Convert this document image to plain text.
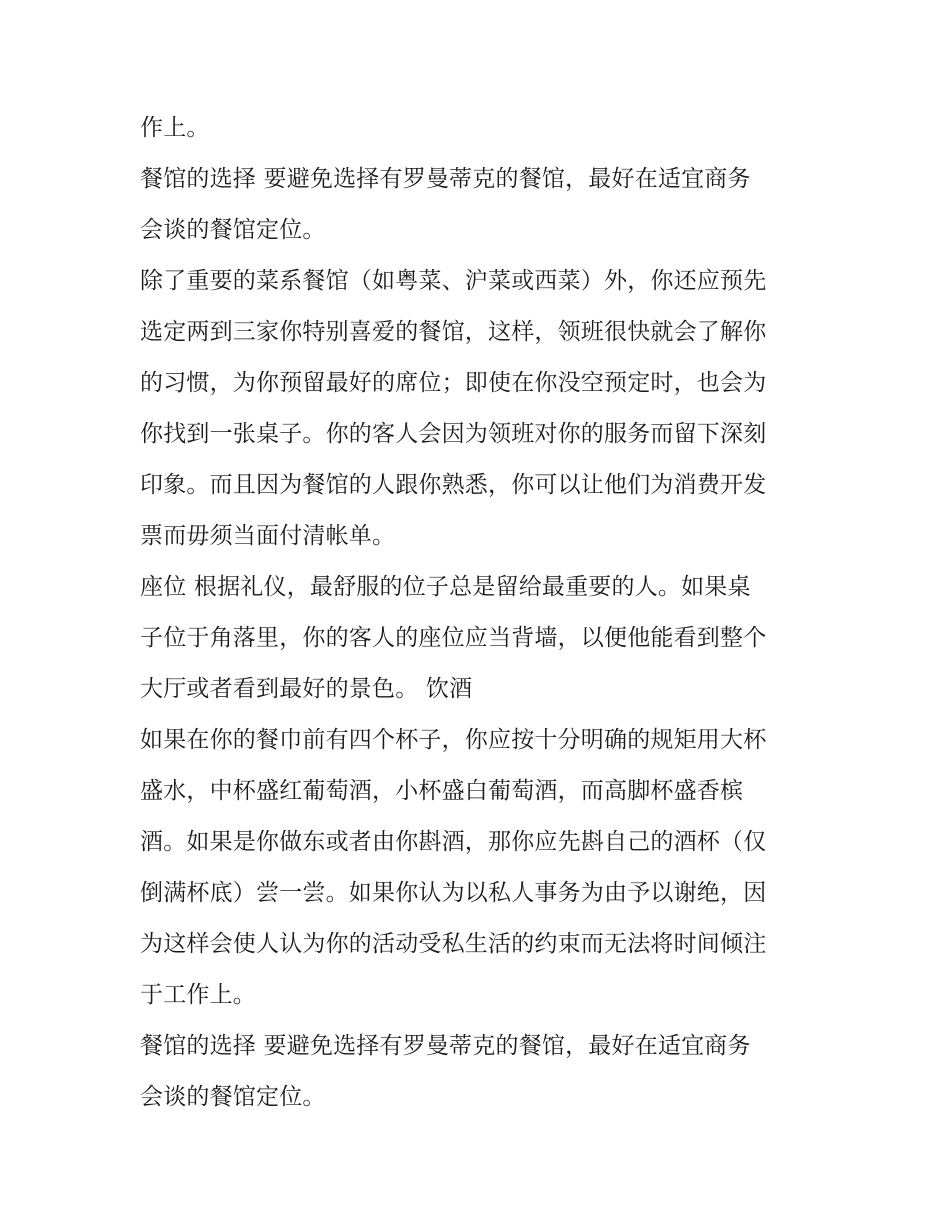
作上。
餐馆的选择 要避免选择有罗曼蒂克的餐馆，最好在适宜商务
会谈的餐馆定位。
除了重要的菜系餐馆（如粤菜、沪菜或西菜）外，你还应预先
选定两到三家你特别喜爱的餐馆，这样，领班很快就会了解你
的习惯，为你预留最好的席位；即使在你没空预定时，也会为
你找到一张桌子。你的客人会因为领班对你的服务而留下深刻
印象。而且因为餐馆的人跟你熟悉，你可以让他们为消费开发
票而毋须当面付清帐单。
座位 根据礼仪，最舒服的位子总是留给最重要的人。如果桌
子位于角落里，你的客人的座位应当背墙，以便他能看到整个
大厅或者看到最好的景色。 饮酒
如果在你的餐巾前有四个杯子，你应按十分明确的规矩用大杯
盛水，中杯盛红葡萄酒，小杯盛白葡萄酒，而高脚杯盛香槟
酒。如果是你做东或者由你斟酒，那你应先斟自己的酒杯（仅
倒满杯底）尝一尝。如果你认为以私人事务为由予以谢绝，因
为这样会使人认为你的活动受私生活的约束而无法将时间倾注
于工作上。
餐馆的选择 要避免选择有罗曼蒂克的餐馆，最好在适宜商务
会谈的餐馆定位。
